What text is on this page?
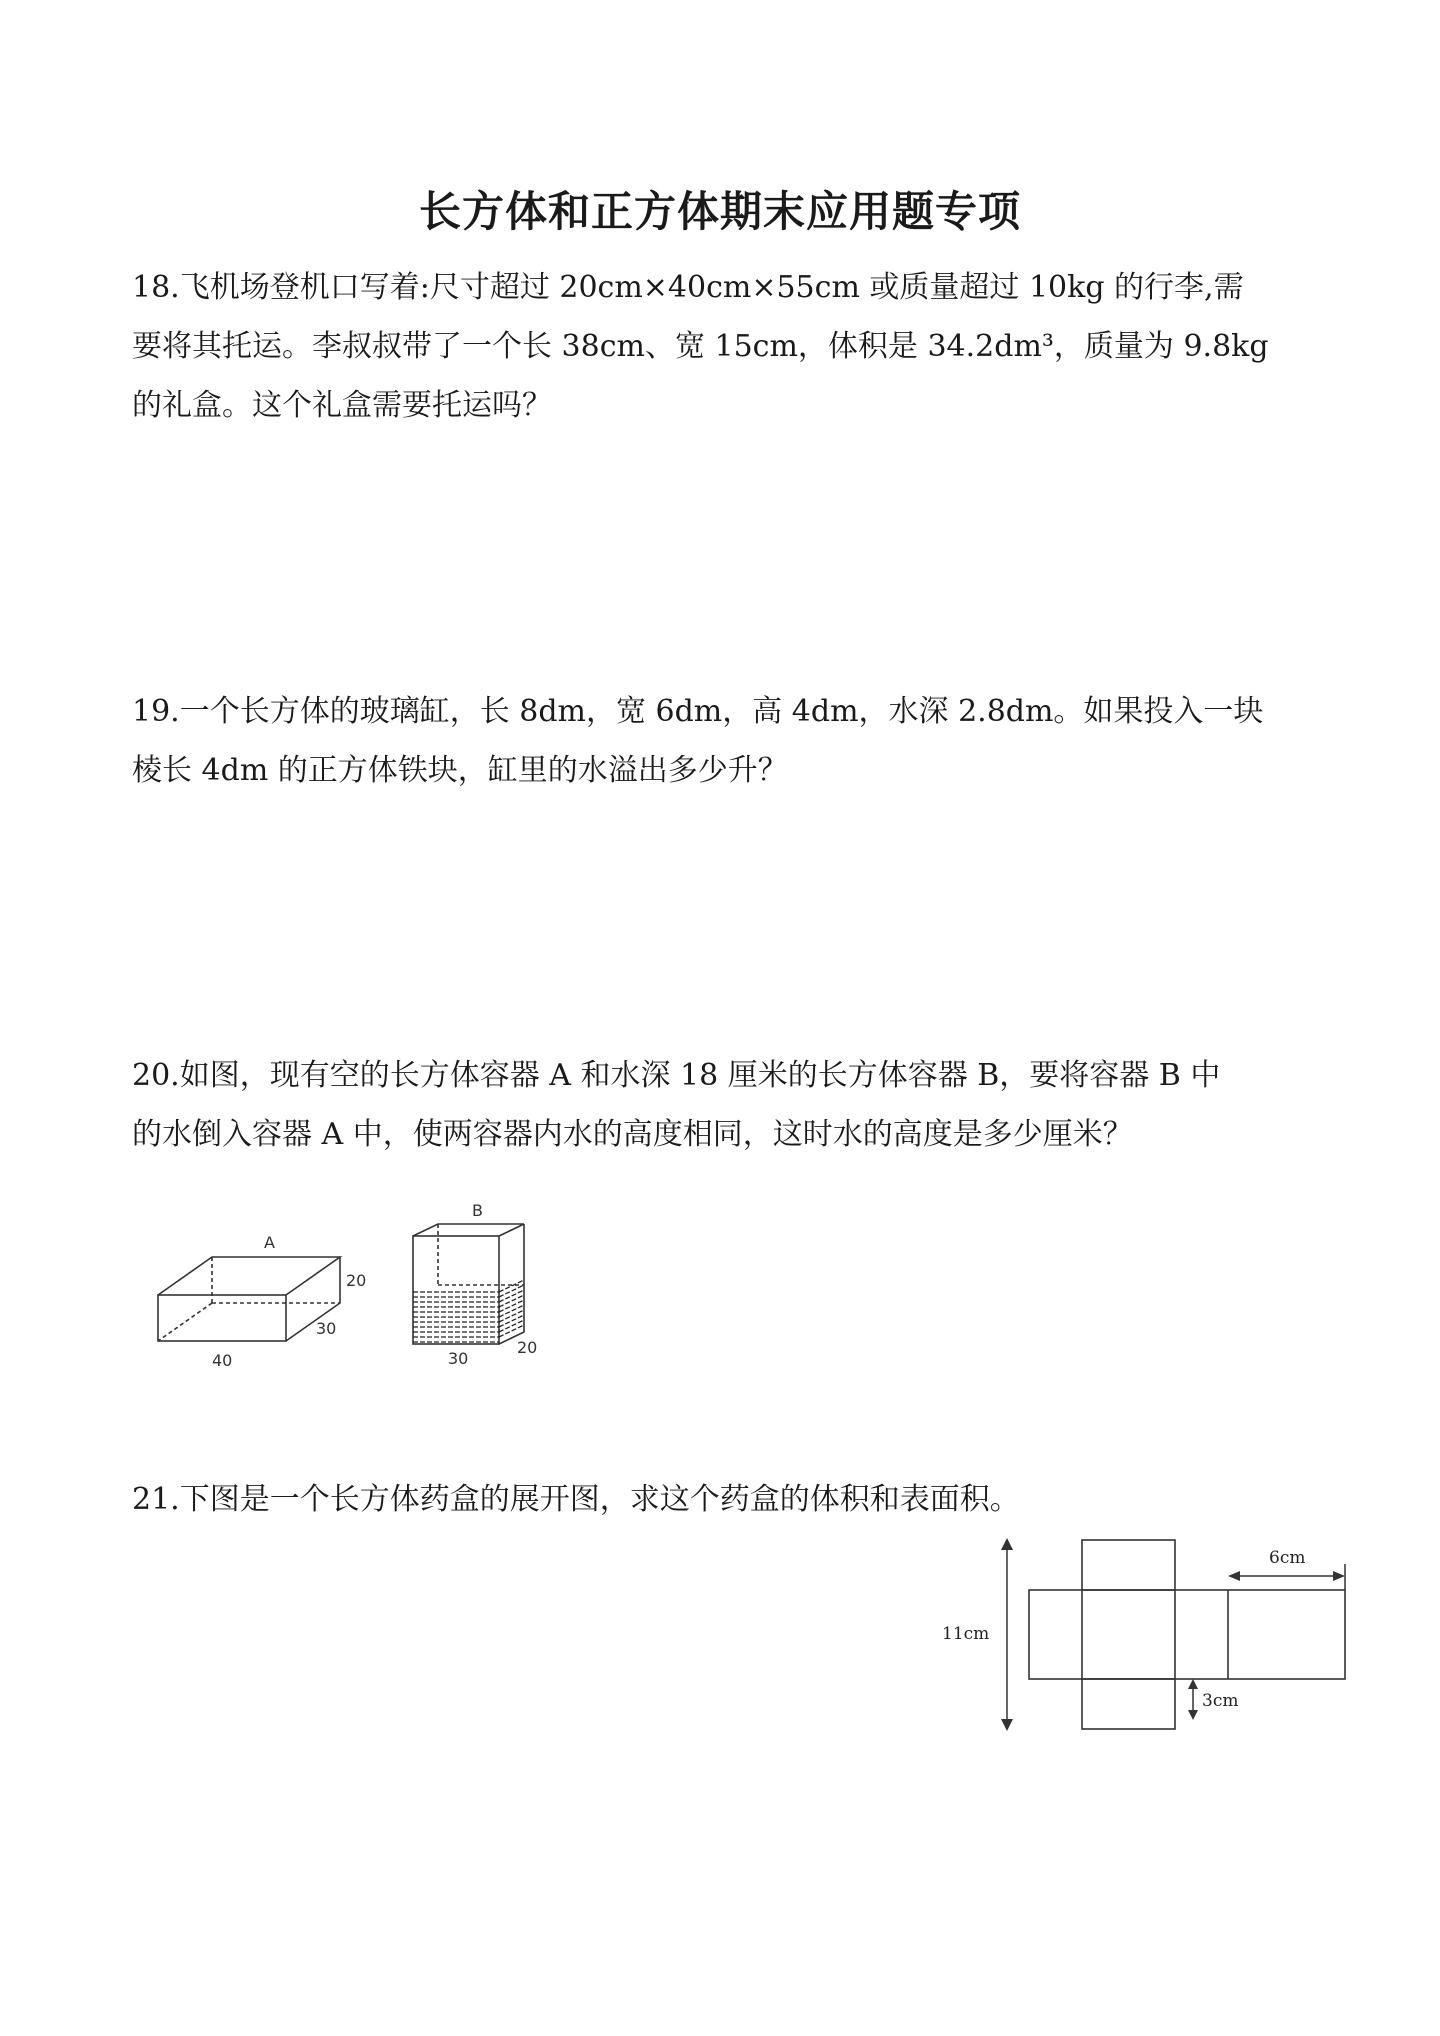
长方体和正方体期末应用题专项

18.飞机场登机口写着:尺寸超过 20cm×40cm×55cm 或质量超过 10kg 的行李,需

要将其托运。李叔叔带了一个长 38cm、宽 15cm，体积是 34.2dm³，质量为 9.8kg

的礼盒。这个礼盒需要托运吗？

19.一个长方体的玻璃缸，长 8dm，宽 6dm，高 4dm，水深 2.8dm。如果投入一块

棱长 4dm 的正方体铁块，缸里的水溢出多少升？

20.如图，现有空的长方体容器 A 和水深 18 厘米的长方体容器 B，要将容器 B 中

的水倒入容器 A 中，使两容器内水的高度相同，这时水的高度是多少厘米？

A
20
30
40
B
20
30

21.下图是一个长方体药盒的展开图，求这个药盒的体积和表面积。

11cm
6cm
3cm
